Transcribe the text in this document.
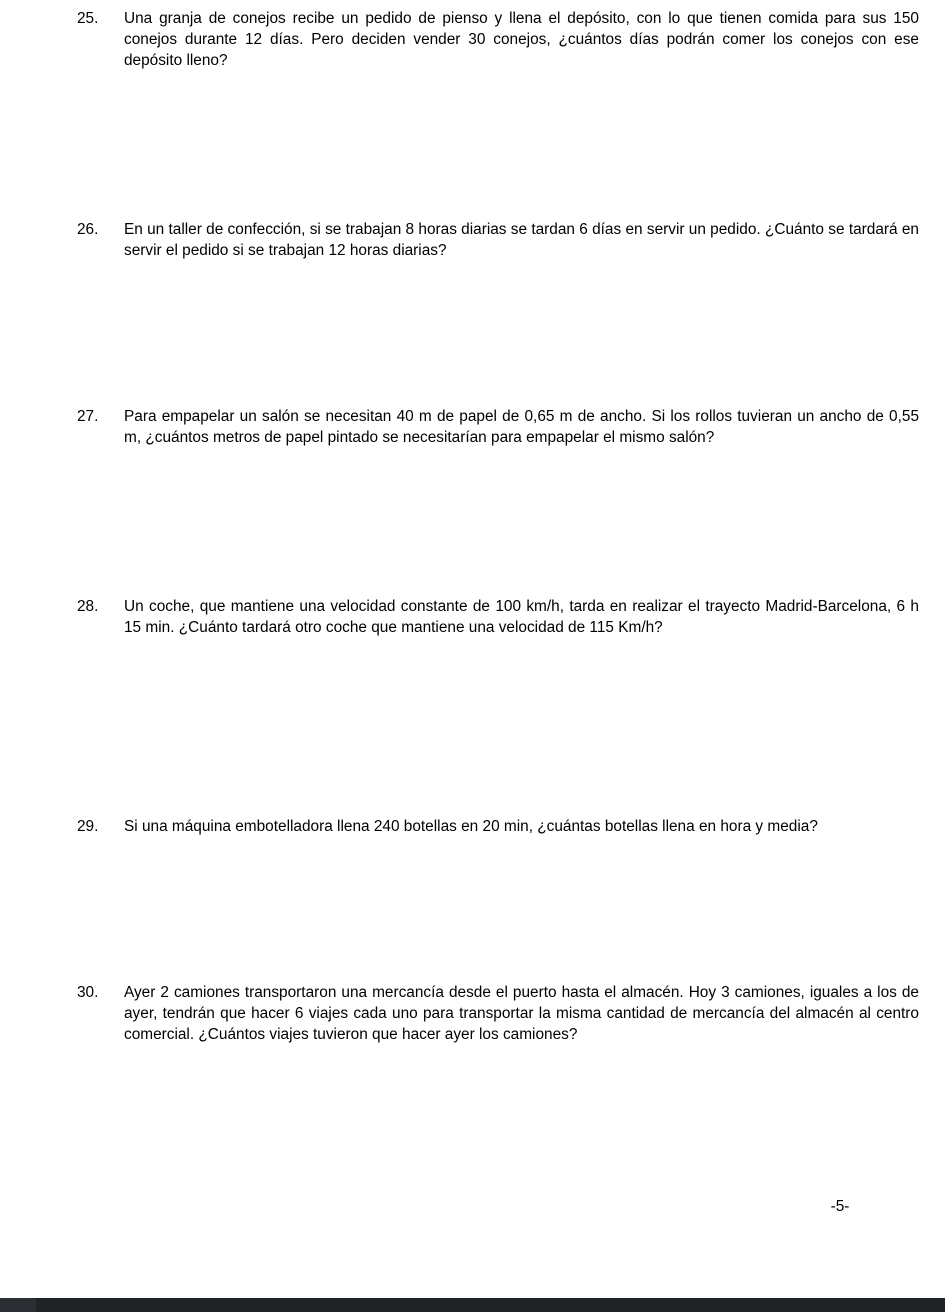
25.	Una granja de conejos recibe un pedido de pienso y llena el depósito, con lo que tienen comida para sus 150 conejos durante 12 días. Pero deciden vender 30 conejos, ¿cuántos días podrán comer los conejos con ese depósito lleno?
26.	En un taller de confección, si se trabajan 8 horas diarias se tardan 6 días en servir un pedido. ¿Cuánto se tardará en servir el pedido si se trabajan 12 horas diarias?
27.	Para empapelar un salón se necesitan 40 m de papel de 0,65 m de ancho. Si los rollos tuvieran un ancho de 0,55 m, ¿cuántos metros de papel pintado se necesitarían para empapelar el mismo salón?
28.	Un coche, que mantiene una velocidad constante de 100 km/h, tarda en realizar el trayecto Madrid-Barcelona, 6 h 15 min. ¿Cuánto tardará otro coche que mantiene una velocidad de 115 Km/h?
29.	Si una máquina embotelladora llena 240 botellas en 20 min, ¿cuántas botellas llena en hora y media?
30.	Ayer 2 camiones transportaron una mercancía desde el puerto hasta el almacén. Hoy 3 camiones, iguales a los de ayer, tendrán que hacer 6 viajes cada uno para transportar la misma cantidad de mercancía del almacén al centro comercial. ¿Cuántos viajes tuvieron que hacer ayer los camiones?
-5-
